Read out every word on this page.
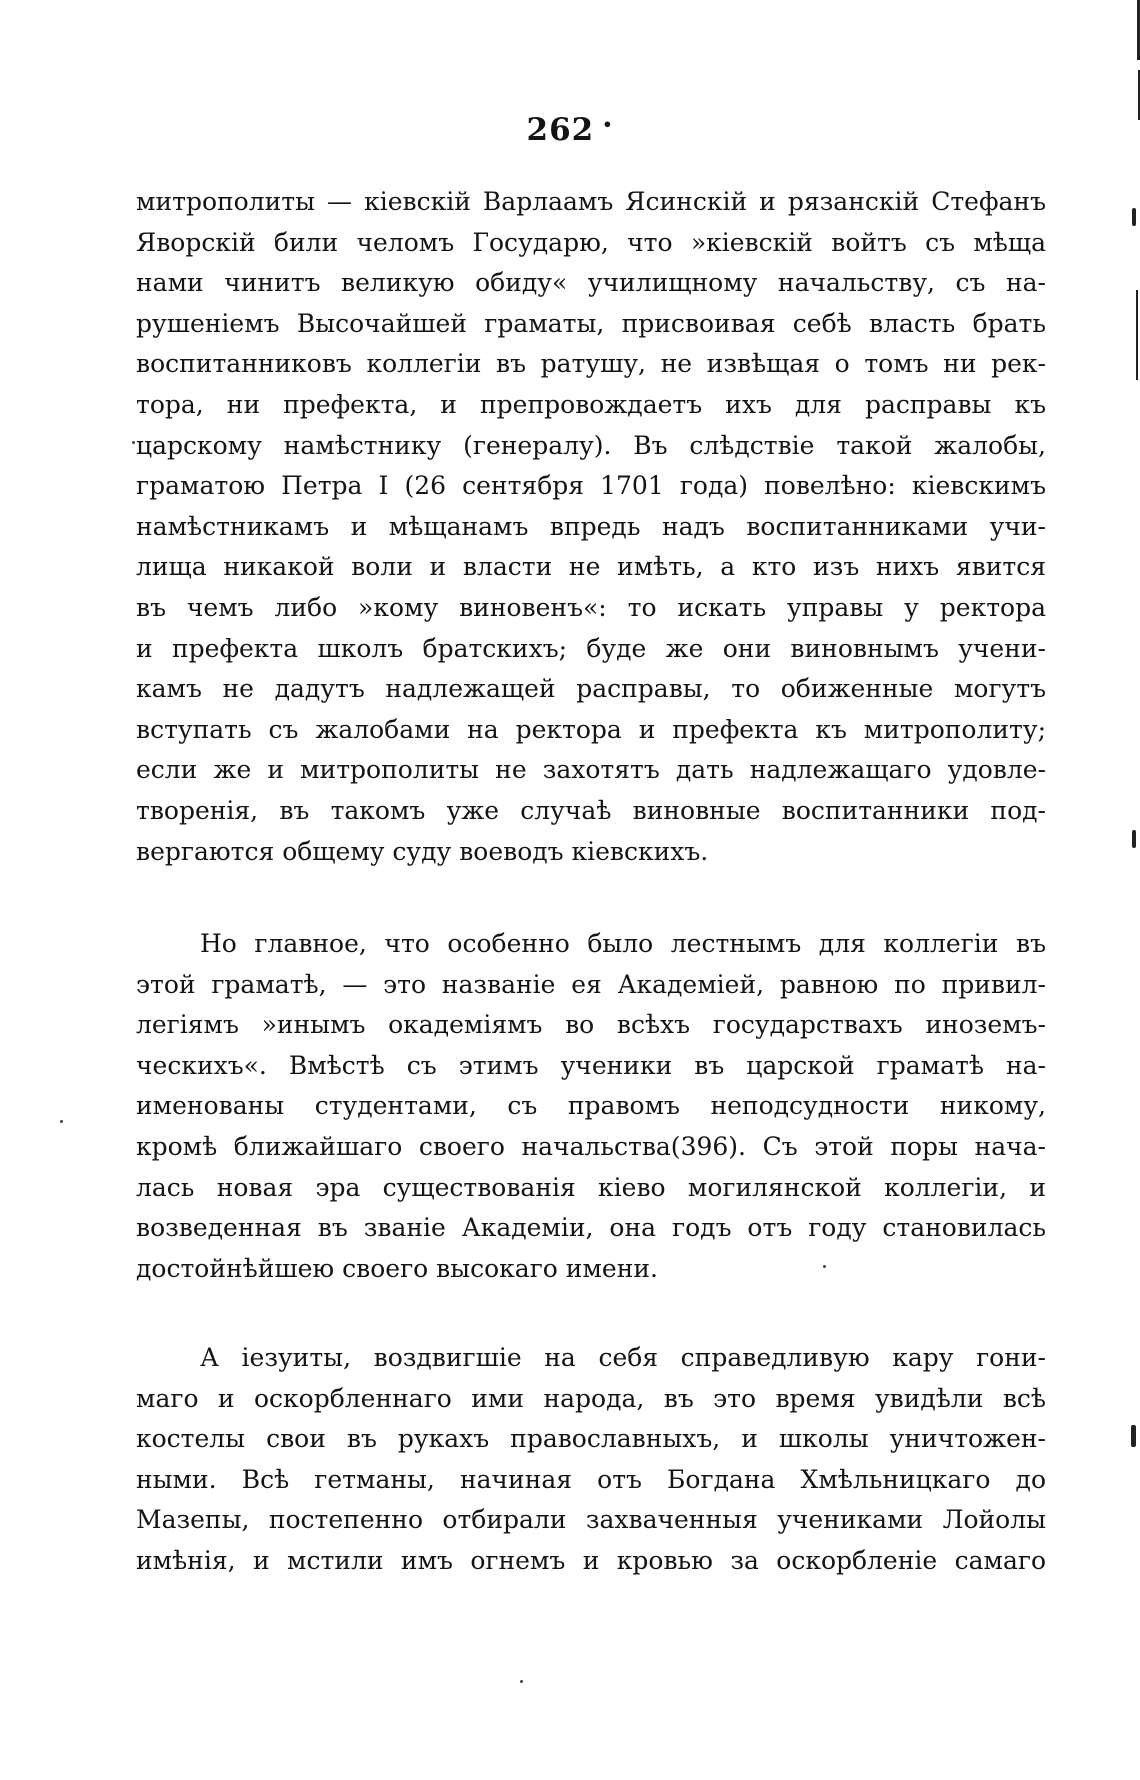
262 •
митрополиты — кіевскій Варлаамъ Ясинскій и рязанскій Стефанъ
Яворскій били челомъ Государю, что »кіевскій войтъ съ мѣща
нами чинитъ великую обиду« училищному начальству, съ на-
рушеніемъ Высочайшей граматы, присвоивая себѣ власть брать
воспитанниковъ коллегіи въ ратушу, не извѣщая о томъ ни рек-
тора, ни префекта, и препровождаетъ ихъ для расправы къ
царскому намѣстнику (генералу). Въ слѣдствіе такой жалобы,
граматою Петра I (26 сентября 1701 года) повелѣно: кіевскимъ
намѣстникамъ и мѣщанамъ впредь надъ воспитанниками учи-
лища никакой воли и власти не имѣть, а кто изъ нихъ явится
въ чемъ либо »кому виновенъ«: то искать управы у ректора
и префекта школъ братскихъ; буде же они виновнымъ учени-
камъ не дадутъ надлежащей расправы, то обиженные могутъ
вступать съ жалобами на ректора и префекта къ митрополиту;
если же и митрополиты не захотятъ дать надлежащаго удовле-
творенія, въ такомъ уже случаѣ виновные воспитанники под-
вергаются общему суду воеводъ кіевскихъ.
Но главное, что особенно было лестнымъ для коллегіи въ
этой граматѣ, — это названіе ея Академіей, равною по привил-
легіямъ »инымъ окадеміямъ во всѣхъ государствахъ иноземъ-
ческихъ«. Вмѣстѣ съ этимъ ученики въ царской граматѣ на-
именованы студентами, съ правомъ неподсудности никому,
кромѣ ближайшаго своего начальства(396). Съ этой поры нача-
лась новая эра существованія кіево могилянской коллегіи, и
возведенная въ званіе Академіи, она годъ отъ году становилась
достойнѣйшею своего высокаго имени.
А іезуиты, воздвигшіе на себя справедливую кару гони-
маго и оскорбленнаго ими народа, въ это время увидѣли всѣ
костелы свои въ рукахъ православныхъ, и школы уничтожен-
ными. Всѣ гетманы, начиная отъ Богдана Хмѣльницкаго до
Мазепы, постепенно отбирали захваченныя учениками Лойолы
имѣнія, и мстили имъ огнемъ и кровью за оскорбленіе самаго
